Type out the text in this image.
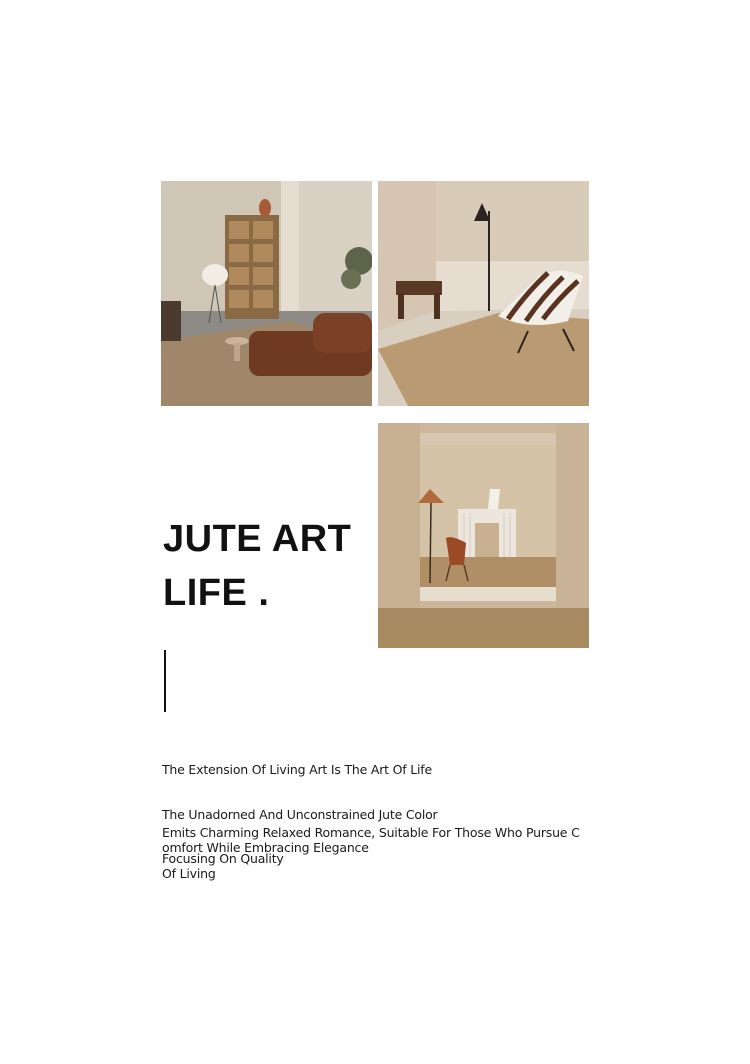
JUTE ART
LIFE .
The Extension Of Living Art Is The Art Of Life
The Unadorned And Unconstrained Jute Color
Emits Charming Relaxed Romance, Suitable For Those Who Pursue C
omfort While Embracing Elegance
Focusing On Quality
Of Living
